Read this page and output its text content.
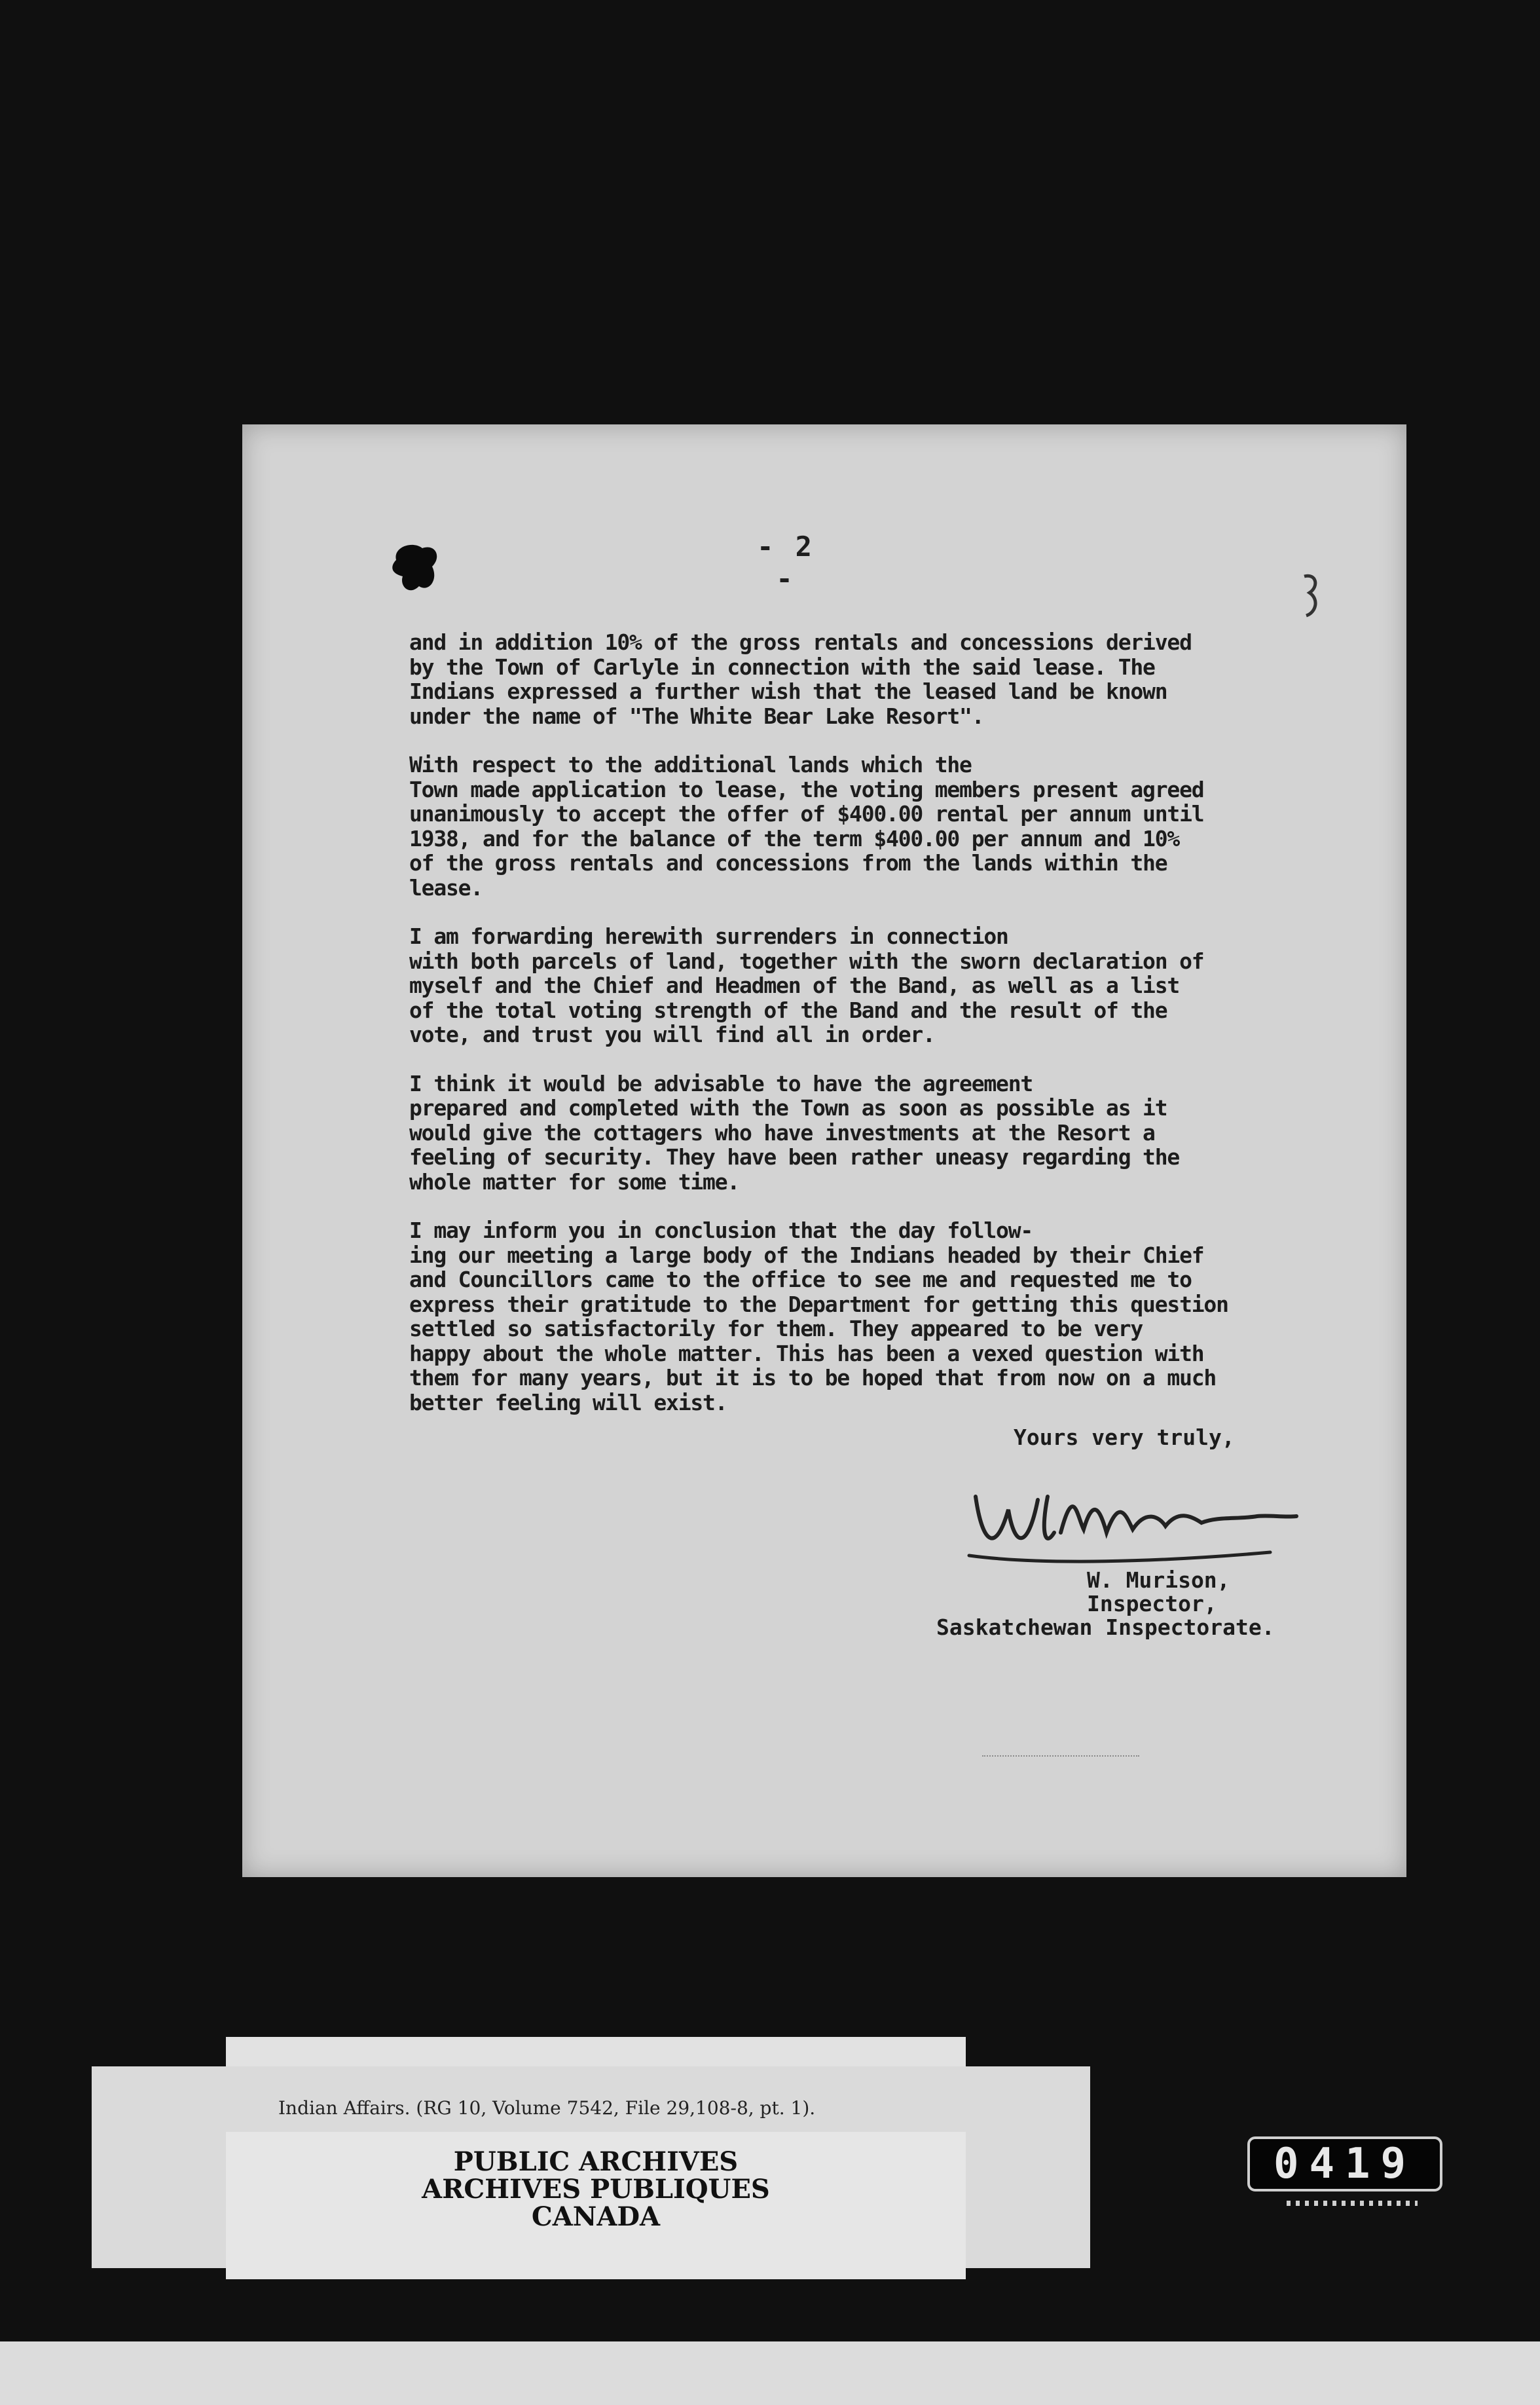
- 2 -

and in addition 10% of the gross rentals and concessions derived
by the Town of Carlyle in connection with the said lease. The
Indians expressed a further wish that the leased land be known
under the name of "The White Bear Lake Resort".

With respect to the additional lands which the
Town made application to lease, the voting members present agreed
unanimously to accept the offer of $400.00 rental per annum until
1938, and for the balance of the term $400.00 per annum and 10%
of the gross rentals and concessions from the lands within the
lease.

I am forwarding herewith surrenders in connection
with both parcels of land, together with the sworn declaration of
myself and the Chief and Headmen of the Band, as well as a list
of the total voting strength of the Band and the result of the
vote, and trust you will find all in order.

I think it would be advisable to have the agreement
prepared and completed with the Town as soon as possible as it
would give the cottagers who have investments at the Resort a
feeling of security. They have been rather uneasy regarding the
whole matter for some time.

I may inform you in conclusion that the day follow-
ing our meeting a large body of the Indians headed by their Chief
and Councillors came to the office to see me and requested me to
express their gratitude to the Department for getting this question
settled so satisfactorily for them. They appeared to be very
happy about the whole matter. This has been a vexed question with
them for many years, but it is to be hoped that from now on a much
better feeling will exist.

Yours very truly,
W. Murison,
Inspector,
Saskatchewan Inspectorate.
Indian Affairs. (RG 10, Volume 7542, File 29,108-8, pt. 1).
PUBLIC ARCHIVES
ARCHIVES PUBLIQUES
CANADA
0419
